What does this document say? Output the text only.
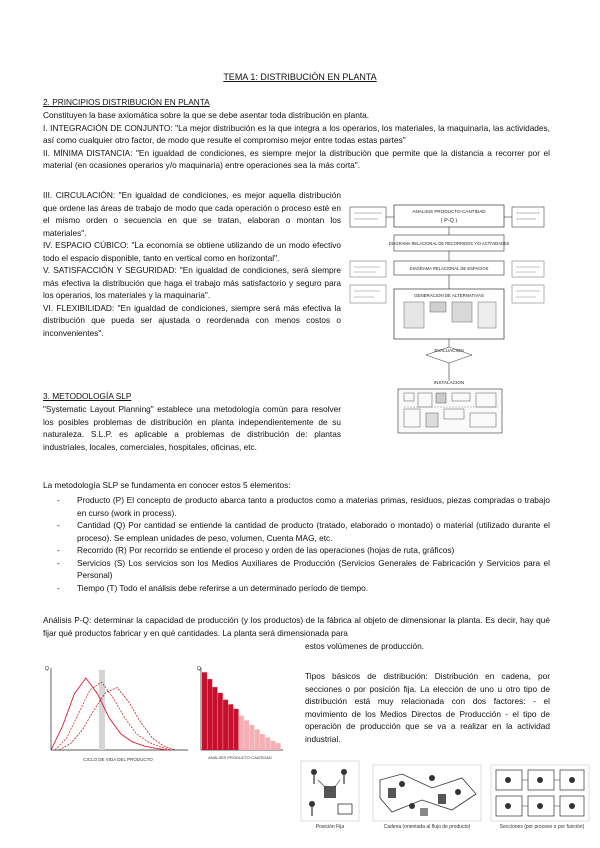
TEMA 1: DISTRIBUCIÓN EN PLANTA
2. PRINCIPIOS DISTRIBUCIÓN EN PLANTA
Constituyen la base axiomática sobre la que se debe asentar toda distribución en planta.
I. INTEGRACIÓN DE CONJUNTO: "La mejor distribución es la que integra a los operarios, los materiales, la maquinaria, las actividades, así como cualquier otro factor, de modo que resulte el compromiso mejor entre todas estas partes"
II. MÍNIMA DISTANCIA: "En igualdad de condiciones, es siempre mejor la distribución que permite que la distancia a recorrer por el material (en ocasiones operarios y/o maquinaria) entre operaciones sea la más corta".
III. CIRCULACIÓN: "En igualdad de condiciones, es mejor aquella distribución que ordene las áreas de trabajo de modo que cada operación o proceso esté en el mismo orden o secuencia en que se tratan, elaboran o montan los materiales".
IV. ESPACIO CÚBICO: "La economía se obtiene utilizando de un modo efectivo todo el espacio disponible, tanto en vertical como en horizontal".
V. SATISFACCIÓN Y SEGURIDAD: "En igualdad de condiciones, será siempre más efectiva la distribución que haga el trabajo más satisfactorio y seguro para los operarios, los materiales y la maquinaria".
VI. FLEXIBILIDAD: "En igualdad de condiciones, siempre será más efectiva la distribución que pueda ser ajustada o reordenada con menos costos o inconvenientes".
3. METODOLOGÍA SLP
"Systematic Layout Planning" establece una metodología común para resolver los posibles problemas de distribución en planta independientemente de su naturaleza. S.L.P. es aplicable a problemas de distribución de: plantas industriales, locales, comerciales, hospitales, oficinas, etc.
La metodología SLP se fundamenta en conocer estos 5 elementos:
- Producto (P) El concepto de producto abarca tanto a productos como a materias primas, residuos, piezas compradas o trabajo en curso (work in process).
- Cantidad (Q) Por cantidad se entiende la cantidad de producto (tratado, elaborado o montado) o material (utilizado durante el proceso). Se emplean unidades de peso, volumen, Cuenta MAG, etc.
- Recorrido (R) Por recorrido se entiende el proceso y orden de las operaciones (hojas de ruta, gráficos)
- Servicios (S) Los servicios son los Medios Auxiliares de Producción (Servicios Generales de Fabricación y Servicios para el Personal)
- Tiempo (T) Todo el análisis debe referirse a un determinado período de tiempo.
Análisis P-Q: determinar la capacidad de producción (y los productos) de la fábrica al objeto de dimensionar la planta. Es decir, hay qué fijar qué productos fabricar y en qué cantidades. La planta será dimensionada para
estos volúmenes de producción.
Tipos básicos de distribución: Distribución en cadena, por secciones o por posición fija. La elección de uno u otro tipo de distribución está muy relacionada con dos factores: - el movimiento de los Medios Directos de Producción - el tipo de operación de producción que se va a realizar en la actividad industrial.
ANALISIS PRODUCTO-CANTIDAD
( P-Q )
DIAGRAMA RELACIONAL DE RECORRIDOS Y/O ACTIVIDADES
DIAGRAMA RELACIONAL DE ESPACIOS
GENERACION DE ALTERNATIVAS
EVALUACION
INSTALACION
Q
CICLO DE VIDA DEL PRODUCTO
Q
ANÁLISIS PRODUCTO-CANTIDAD
Posición Fija	Cadena (orientada al flujo de producto)	Secciones (por proceso o por función)
